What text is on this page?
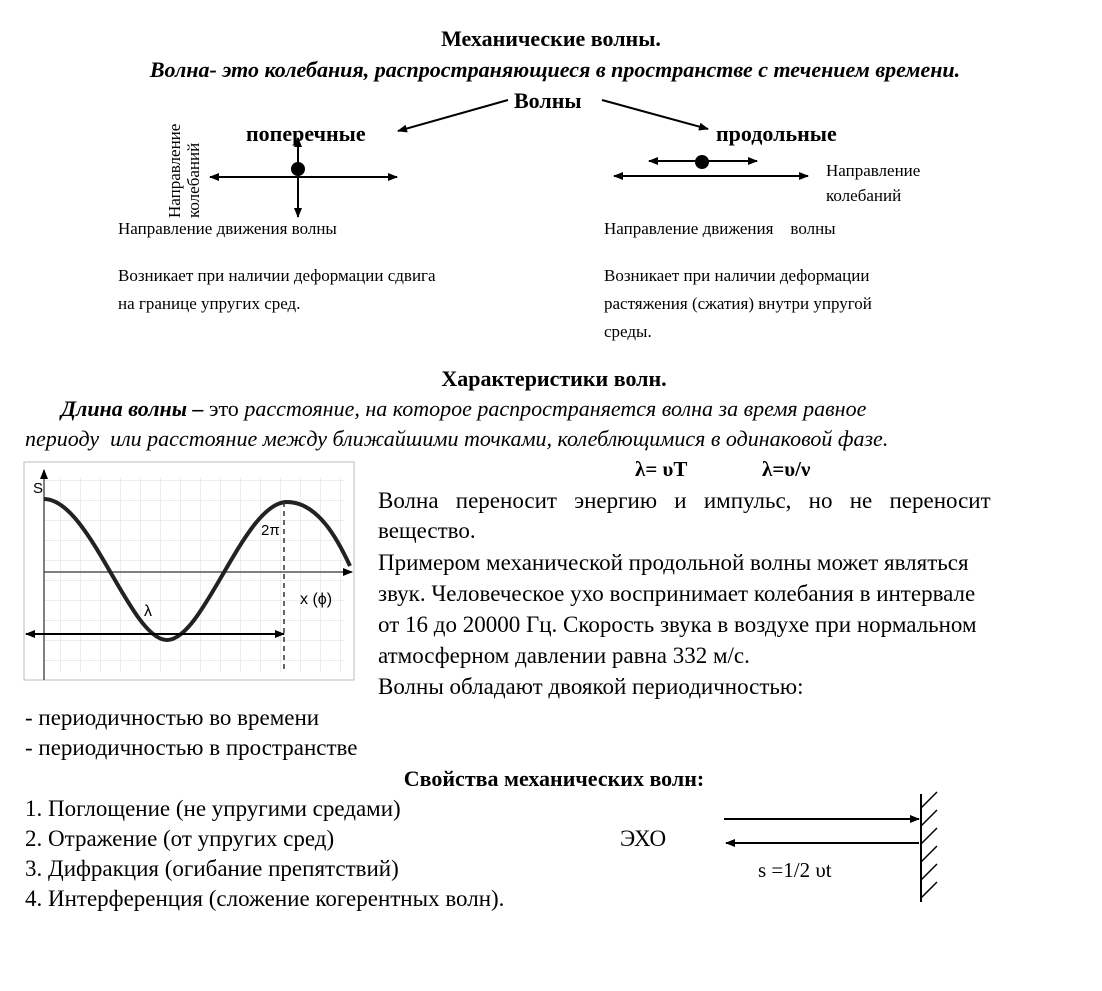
Механические волны.
Волна- это колебания, распространяющиеся в пространстве с течением времени.
Волны
поперечные	продольные
Направление колебаний
Направление движения волны
Возникает при наличии деформации сдвига
на границе упругих сред.
Направление
колебаний
Направление движения    волны
Возникает при наличии деформации
растяжения (сжатия) внутри упругой
среды.
S
2π
x (ϕ)
λ
Характеристики волн.
Длина волны – это расстояние, на которое распространяется волна за время равное
периоду  или расстояние между ближайшими точками, колеблющимися в одинаковой фазе.
λ= υT	λ=υ/ν
Волна   переносит   энергию   и   импульс,   но   не   переносит
вещество.
Примером механической продольной волны может являться
звук. Человеческое ухо воспринимает колебания в интервале
от 16 до 20000 Гц. Скорость звука в воздухе при нормальном
атмосферном давлении равна 332 м/с.
Волны обладают двоякой периодичностью:
- периодичностью во времени
- периодичностью в пространстве
Свойства механических волн:
1. Поглощение (не упругими средами)
2. Отражение (от упругих сред)
3. Дифракция (огибание препятствий)
4. Интерференция (сложение когерентных волн).
ЭХО
s =1/2 υt
